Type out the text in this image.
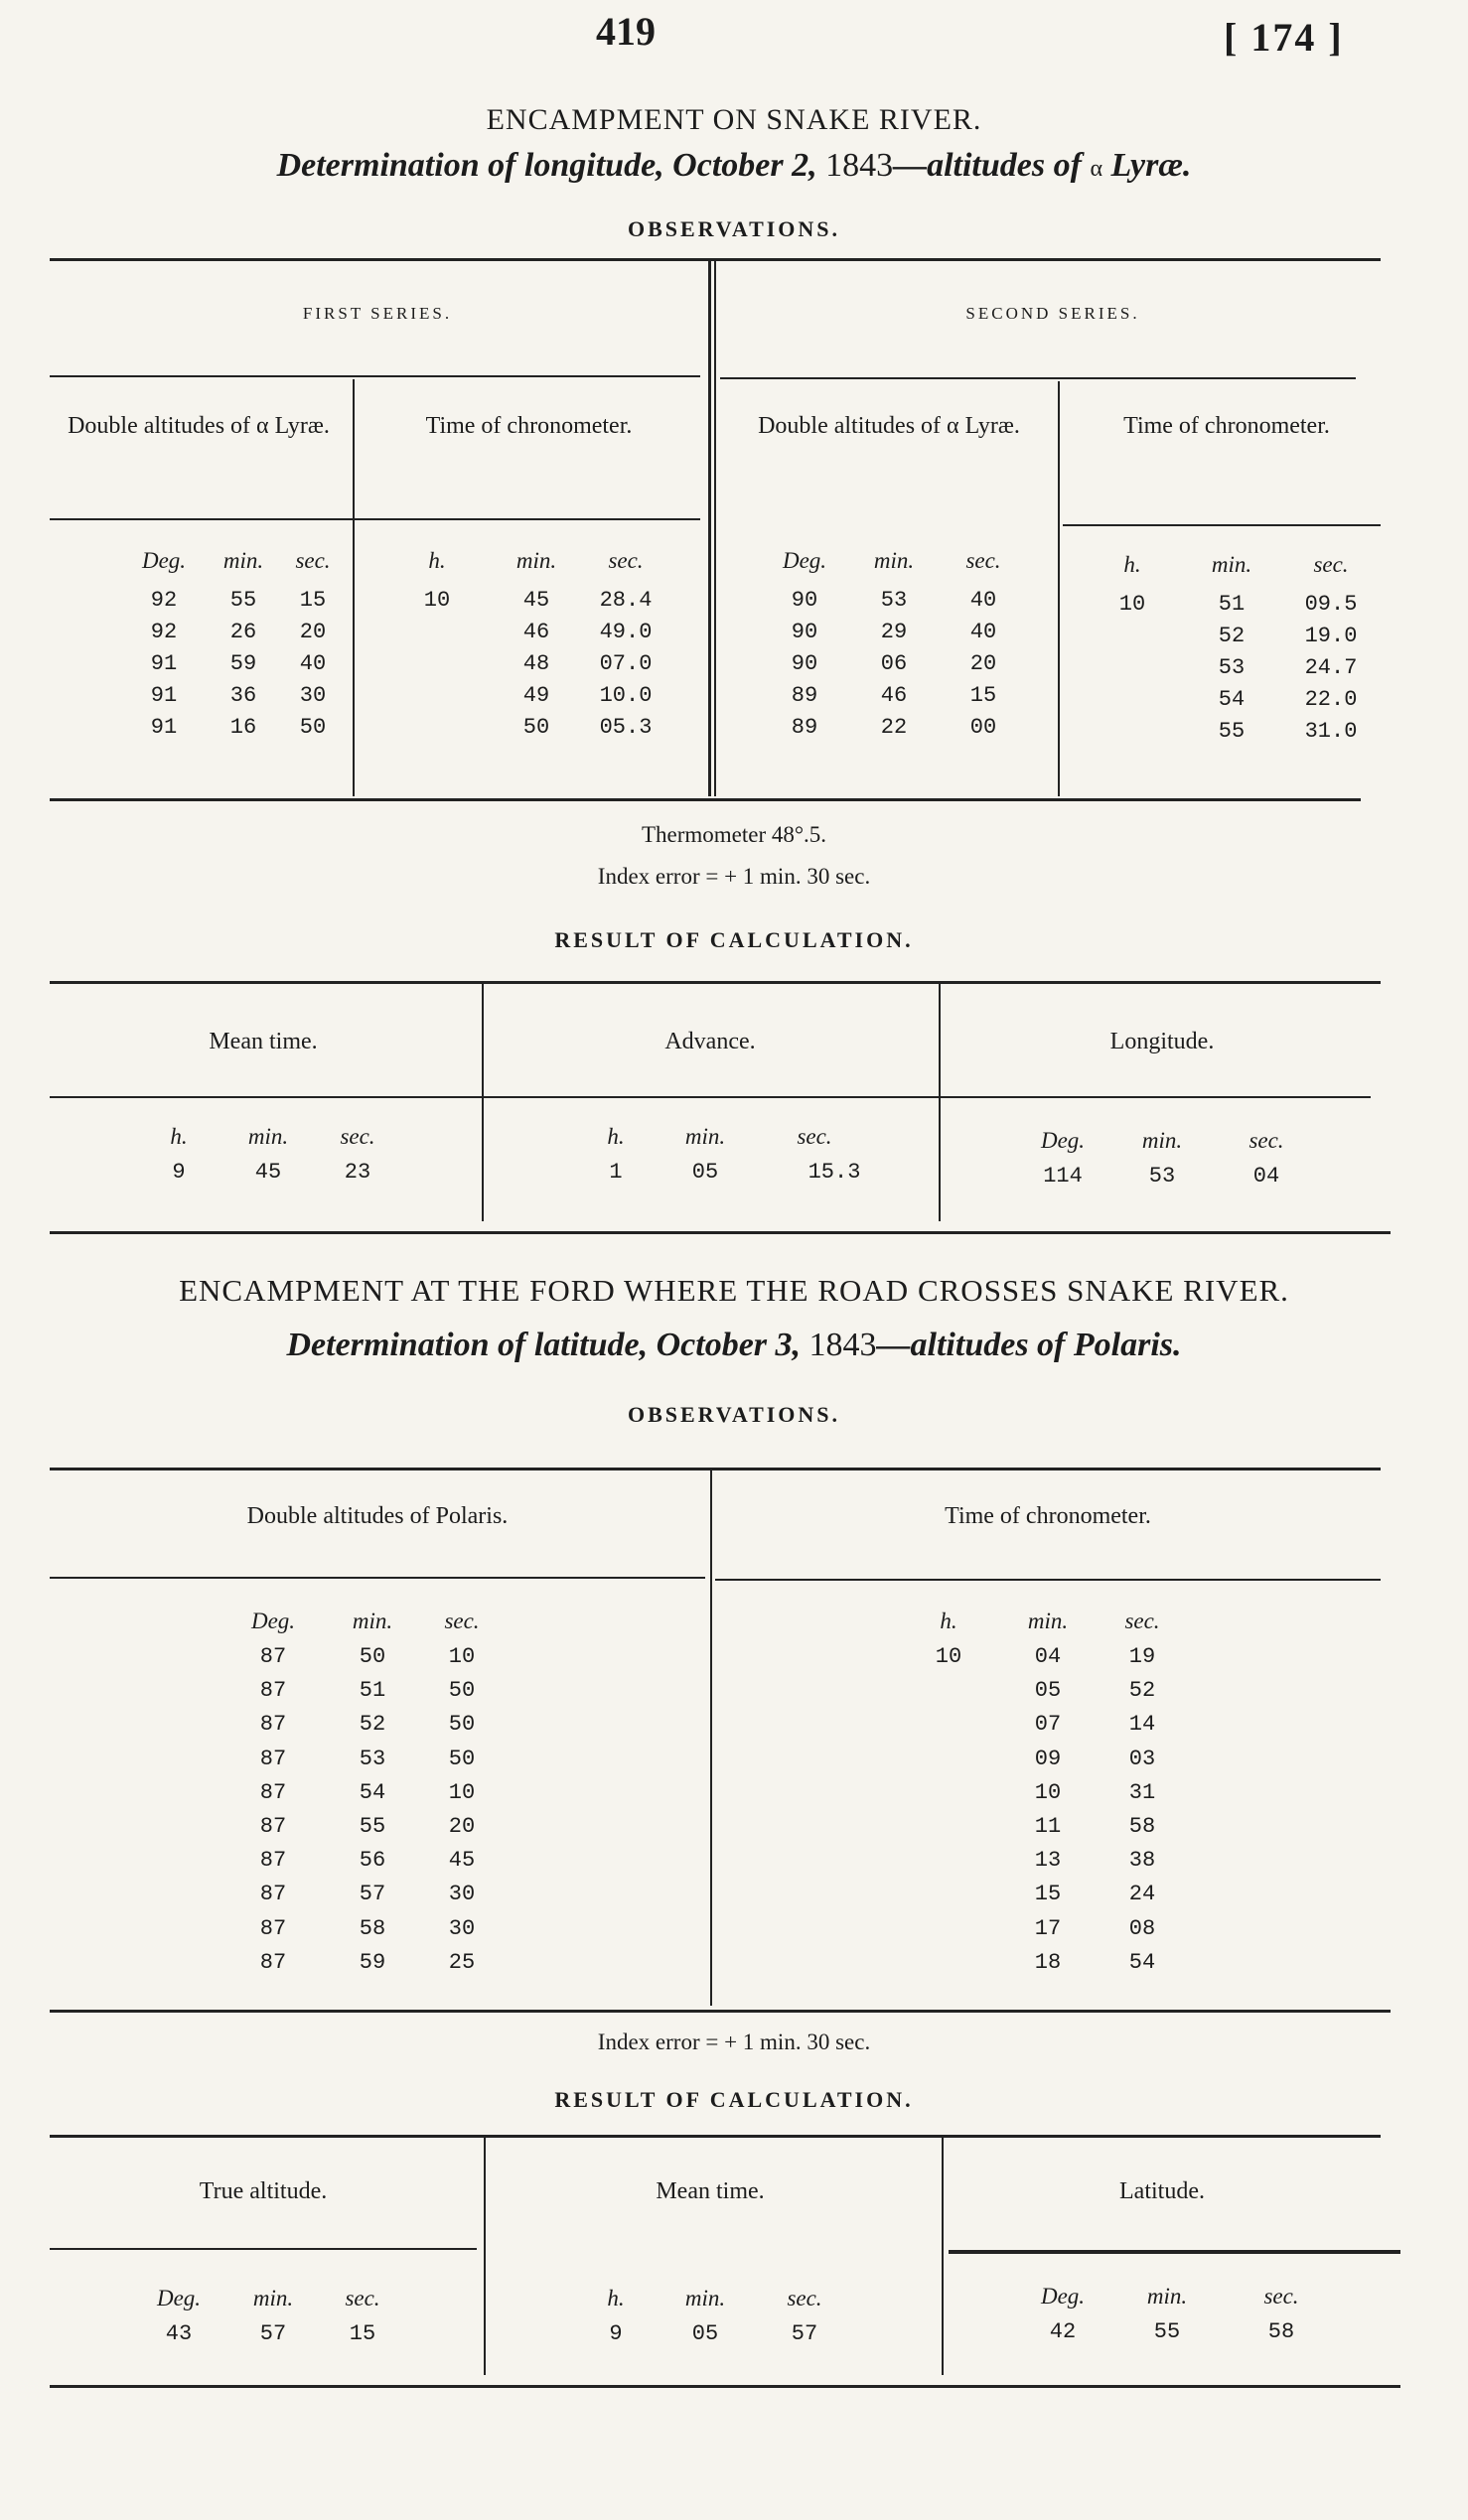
419	[ 174 ]
ENCAMPMENT ON SNAKE RIVER.
Determination of longitude, October 2, 1843—altitudes of α Lyræ.
OBSERVATIONS.
FIRST SERIES.	SECOND SERIES.
Double altitudes of α Lyræ.	Time of chronometer.	Double altitudes of α Lyræ.	Time of chronometer.
Deg.	min.	sec.
92	55	15
92	26	20
91	59	40
91	36	30
91	16	50
h.	min.	sec.
10	45	28.4
46	49.0
48	07.0
49	10.0
50	05.3
Deg.	min.	sec.
90	53	40
90	29	40
90	06	20
89	46	15
89	22	00
h.	min.	sec.
10	51	09.5
52	19.0
53	24.7
54	22.0
55	31.0
Thermometer 48°.5.
Index error = + 1 min. 30 sec.
RESULT OF CALCULATION.
Mean time.	Advance.	Longitude.
h.	min.	sec.	h.	min.	sec.	Deg.	min.	sec.
9	45	23	1	05	15.3	114	53	04
ENCAMPMENT AT THE FORD WHERE THE ROAD CROSSES SNAKE RIVER.
Determination of latitude, October 3, 1843—altitudes of Polaris.
OBSERVATIONS.
Double altitudes of Polaris.	Time of chronometer.
Deg.	min.	sec.
87	50	10
87	51	50
87	52	50
87	53	50
87	54	10
87	55	20
87	56	45
87	57	30
87	58	30
87	59	25
h.	min.	sec.
10	04	19
05	52
07	14
09	03
10	31
11	58
13	38
15	24
17	08
18	54
Index error = + 1 min. 30 sec.
RESULT OF CALCULATION.
True altitude.	Mean time.	Latitude.
Deg.	min.	sec.	h.	min.	sec.	Deg.	min.	sec.
43	57	15	9	05	57	42	55	58
